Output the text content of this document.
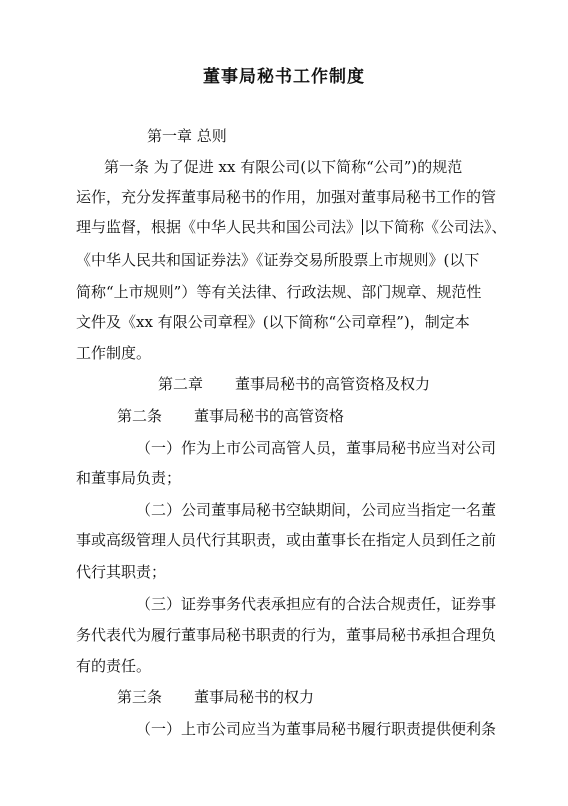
董事局秘书工作制度
第一章 总则
第一条 为了促进 xx 有限公司(以下简称“公司”)的规范
运作，充分发挥董事局秘书的作用，加强对董事局秘书工作的管
理与监督，根据《中华人民共和国公司法》 以下简称《公司法》、
《中华人民共和国证券法》《证券交易所股票上市规则》(以下
简称“上市规则”）等有关法律、行政法规、部门规章、规范性
文件及《xx 有限公司章程》(以下简称“公司章程”)，制定本
工作制度。
第二章 董事局秘书的高管资格及权力
第二条 董事局秘书的高管资格
（一）作为上市公司高管人员，董事局秘书应当对公司
和董事局负责；
（二）公司董事局秘书空缺期间，公司应当指定一名董
事或高级管理人员代行其职责，或由董事长在指定人员到任之前
代行其职责；
（三）证券事务代表承担应有的合法合规责任，证券事
务代表代为履行董事局秘书职责的行为，董事局秘书承担合理负
有的责任。
第三条 董事局秘书的权力
（一）上市公司应当为董事局秘书履行职责提供便利条
